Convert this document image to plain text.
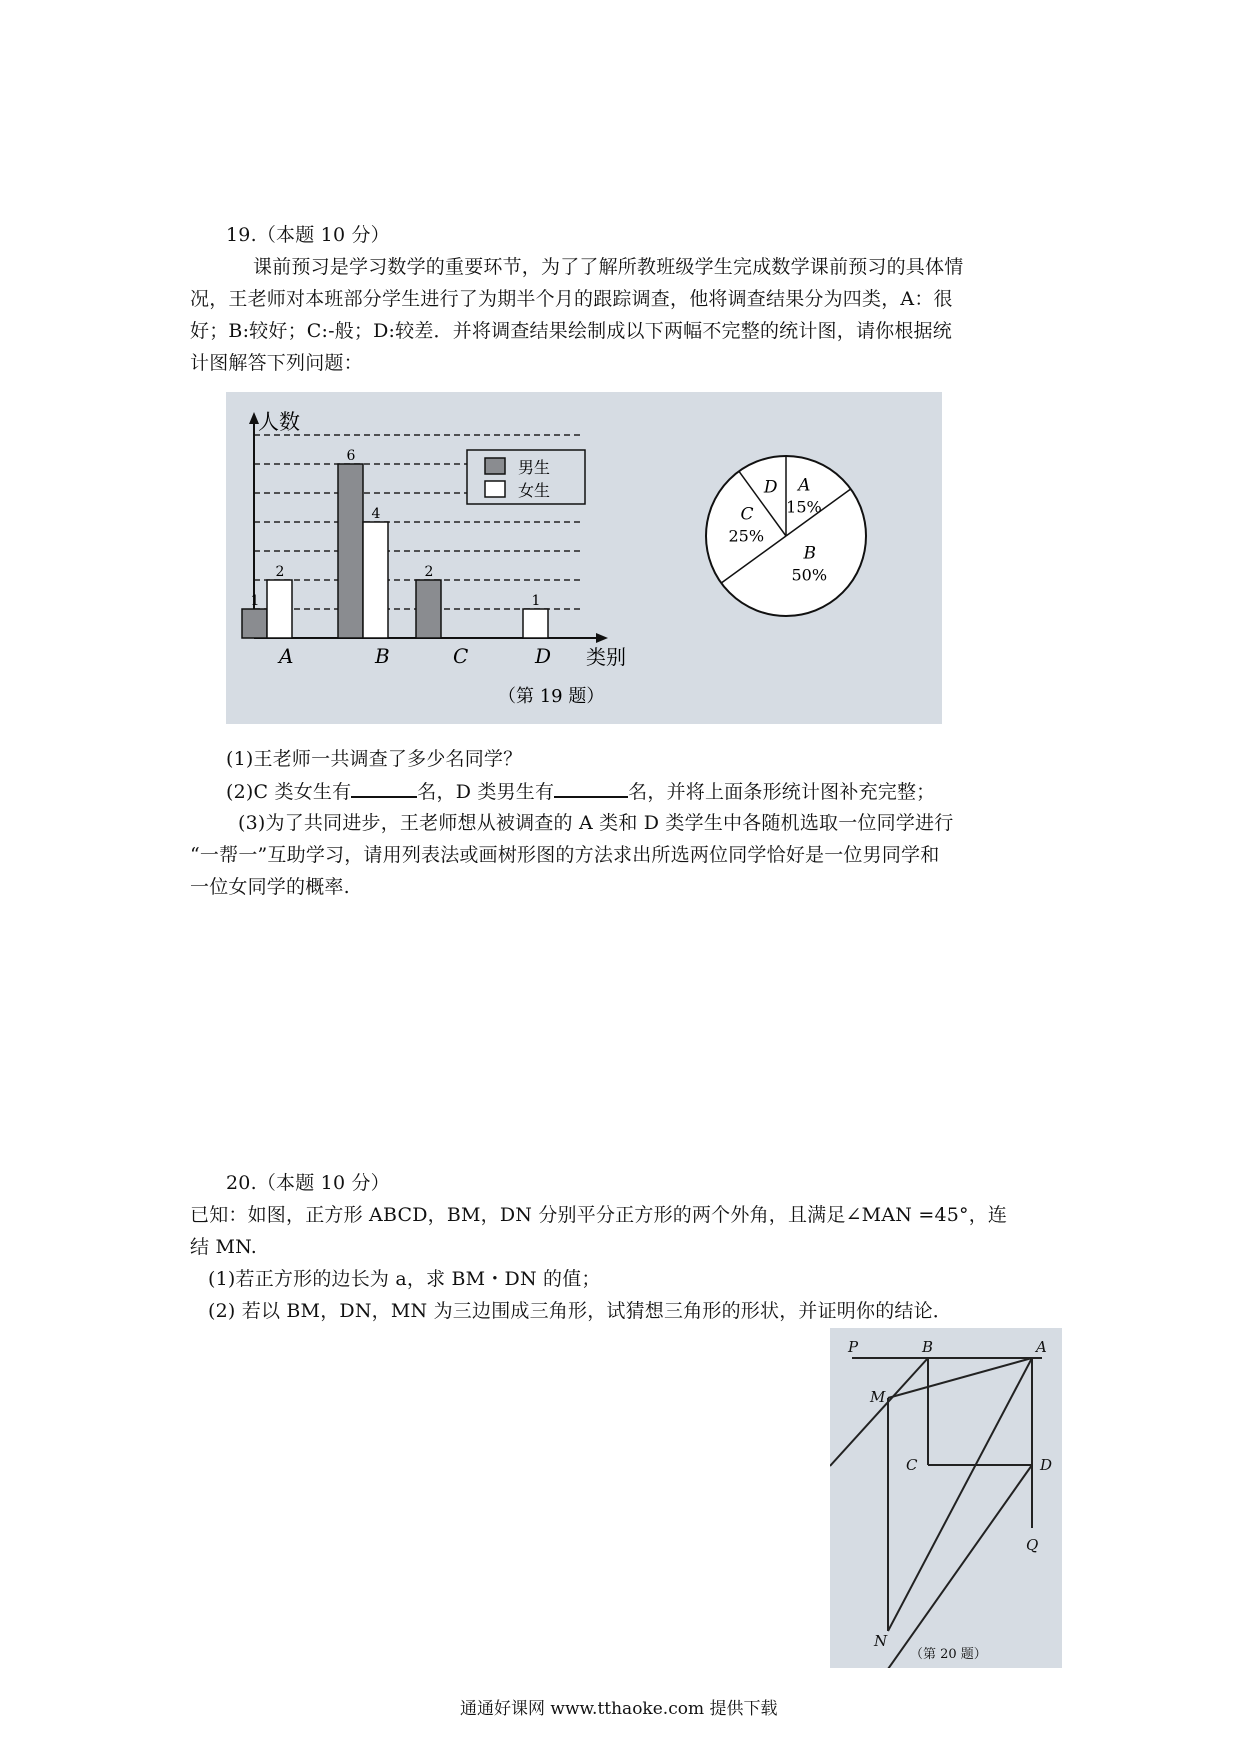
19.（本题 10 分）
课前预习是学习数学的重要环节，为了了解所教班级学生完成数学课前预习的具体情
况，王老师对本班部分学生进行了为期半个月的跟踪调查，他将调查结果分为四类，A：很
好；B:较好；C:-般；D:较差．并将调查结果绘制成以下两幅不完整的统计图，请你根据统
计图解答下列问题：
人数
类别
1
2
6
4
2
1
A	B	C	D
男生
女生	A
15%
B
50%
C
25%
D
（第 19 题）
(1)王老师一共调查了多少名同学？
(2)C 类女生有	名，D 类男生有	名，并将上面条形统计图补充完整；
(3)为了共同进步，王老师想从被调查的 A 类和 D 类学生中各随机选取一位同学进行
“一帮一”互助学习，请用列表法或画树形图的方法求出所选两位同学恰好是一位男同学和
一位女同学的概率.
20.（本题 10 分）
已知：如图，正方形 ABCD，BM，DN 分别平分正方形的两个外角，且满足∠MAN =45°，连
结 MN.
(1)若正方形的边长为 a，求 BM・DN 的值；
(2) 若以 BM，DN，MN 为三边围成三角形，试猜想三角形的形状，并证明你的结论．
P	B	A
M
C	D
Q
N
（第 20 题）
通通好课网 www.tthaoke.com 提供下载
